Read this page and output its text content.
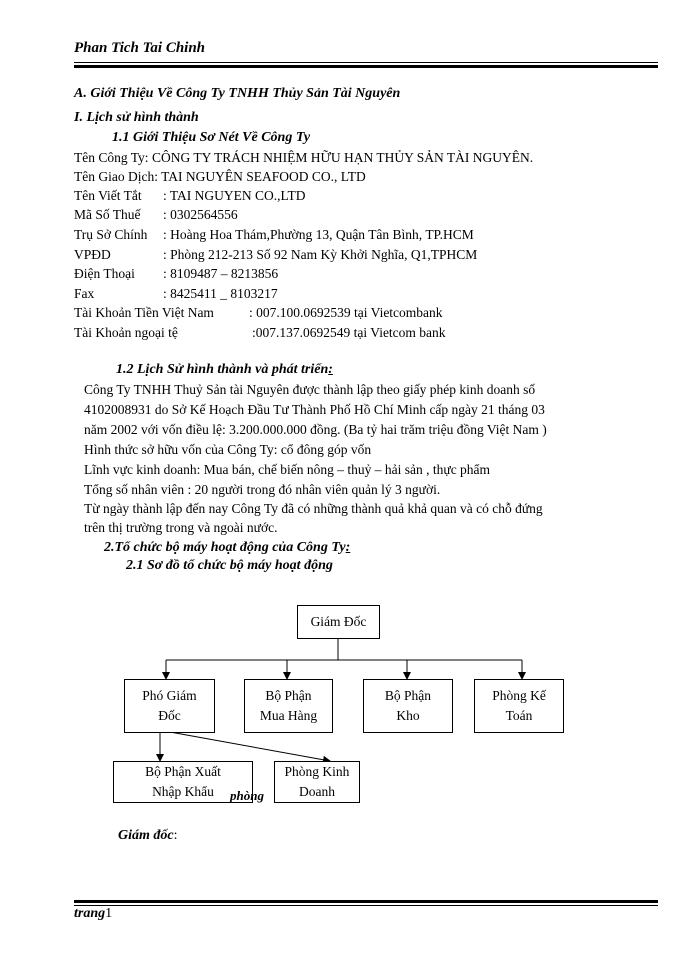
Phan Tich Tai Chinh
A. Giới Thiệu Về Công Ty TNHH Thủy Sản Tài Nguyên
I. Lịch sử hình thành
1.1 Giới Thiệu Sơ Nét Về Công Ty
Tên Công Ty: CÔNG TY TRÁCH NHIỆM HỮU HẠN THỦY SẢN TÀI NGUYÊN.
Tên Giao Dịch: TAI NGUYÊN SEAFOOD CO., LTD
Tên Viết Tắt : TAI NGUYEN CO.,LTD
Mã Số Thuế : 0302564556
Trụ Sở Chính : Hoàng Hoa Thám,Phường 13, Quận Tân Bình, TP.HCM
VPĐD	: Phòng 212-213 Số 92 Nam Kỳ Khởi Nghĩa, Q1,TPHCM
Điện Thoại : 8109487 – 8213856
Fax	: 8425411 _ 8103217
Tài Khoản Tiền Việt Nam	: 007.100.0692539 tại Vietcombank
Tài Khoản ngoại tệ	:007.137.0692549 tại Vietcom bank
1.2 Lịch Sử hình thành và phát triển:
Công Ty TNHH Thuỷ Sản tài Nguyên được thành lập theo giấy phép kinh doanh số
4102008931 do Sở Kế Hoạch Đầu Tư Thành Phố Hồ Chí Minh cấp ngày 21 tháng 03
năm 2002 với vốn điều lệ: 3.200.000.000 đồng. (Ba tỷ hai trăm triệu đồng Việt Nam )
Hình thức sở hữu vốn của Công Ty: cổ đông góp vốn
Lĩnh vực kinh doanh: Mua bán, chế biến nông – thuỷ – hải sản , thực phẩm
Tổng số nhân viên : 20 người trong đó nhân viên quản lý 3 người.
Từ ngày thành lập đến nay Công Ty đã có những thành quả khả quan và có chỗ đứng
trên thị trường trong và ngoài nước.
2.Tổ chức bộ máy hoạt động của Công Ty:
2.1 Sơ đồ tổ chức bộ máy hoạt động
Giám Đốc
Phó Giám
Đốc
Bộ Phận
Mua Hàng
Bộ Phận
Kho
Phòng Kế
Toán
phòng
Bộ Phận Xuất
Nhập Khẩu
Phòng Kinh
Doanh
Giám đốc:
trang1
